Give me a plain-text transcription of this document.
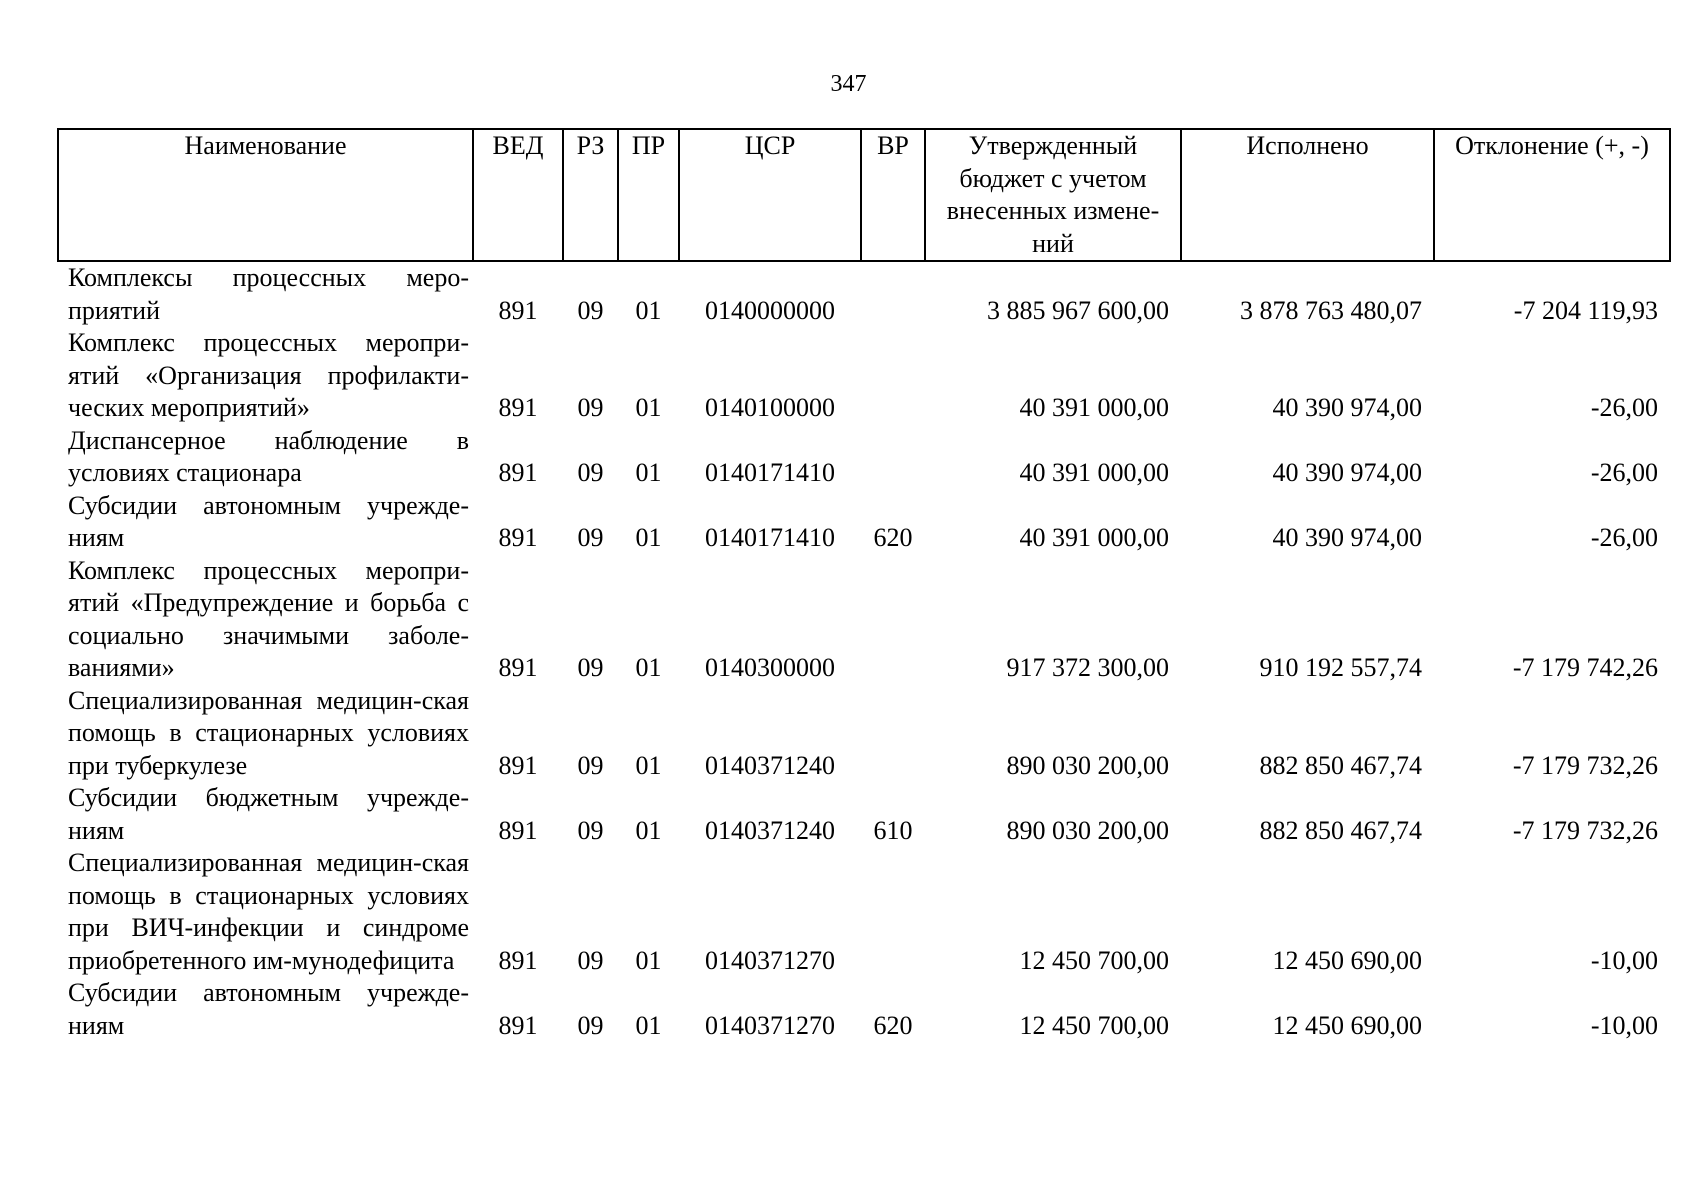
347
Наименование	ВЕД	РЗ	ПР	ЦСР	ВР	Утвержденный бюджет с учетом внесенных измене-ний	Исполнено	Отклонение (+, -)
Комплексы процессных меро-приятий	891	09	01	0140000000		3 885 967 600,00	3 878 763 480,07	-7 204 119,93
Комплекс процессных меропри-ятий «Организация профилакти-ческих мероприятий»	891	09	01	0140100000		40 391 000,00	40 390 974,00	-26,00
Диспансерное наблюдение в условиях стационара	891	09	01	0140171410		40 391 000,00	40 390 974,00	-26,00
Субсидии автономным учрежде-ниям	891	09	01	0140171410	620	40 391 000,00	40 390 974,00	-26,00
Комплекс процессных меропри-ятий «Предупреждение и борьба с социально значимыми заболе-ваниями»	891	09	01	0140300000		917 372 300,00	910 192 557,74	-7 179 742,26
Специализированная медицин-ская помощь в стационарных условиях при туберкулезе	891	09	01	0140371240		890 030 200,00	882 850 467,74	-7 179 732,26
Субсидии бюджетным учрежде-ниям	891	09	01	0140371240	610	890 030 200,00	882 850 467,74	-7 179 732,26
Специализированная медицин-ская помощь в стационарных условиях при ВИЧ-инфекции и синдроме приобретенного им-мунодефицита	891	09	01	0140371270		12 450 700,00	12 450 690,00	-10,00
Субсидии автономным учрежде-ниям	891	09	01	0140371270	620	12 450 700,00	12 450 690,00	-10,00
